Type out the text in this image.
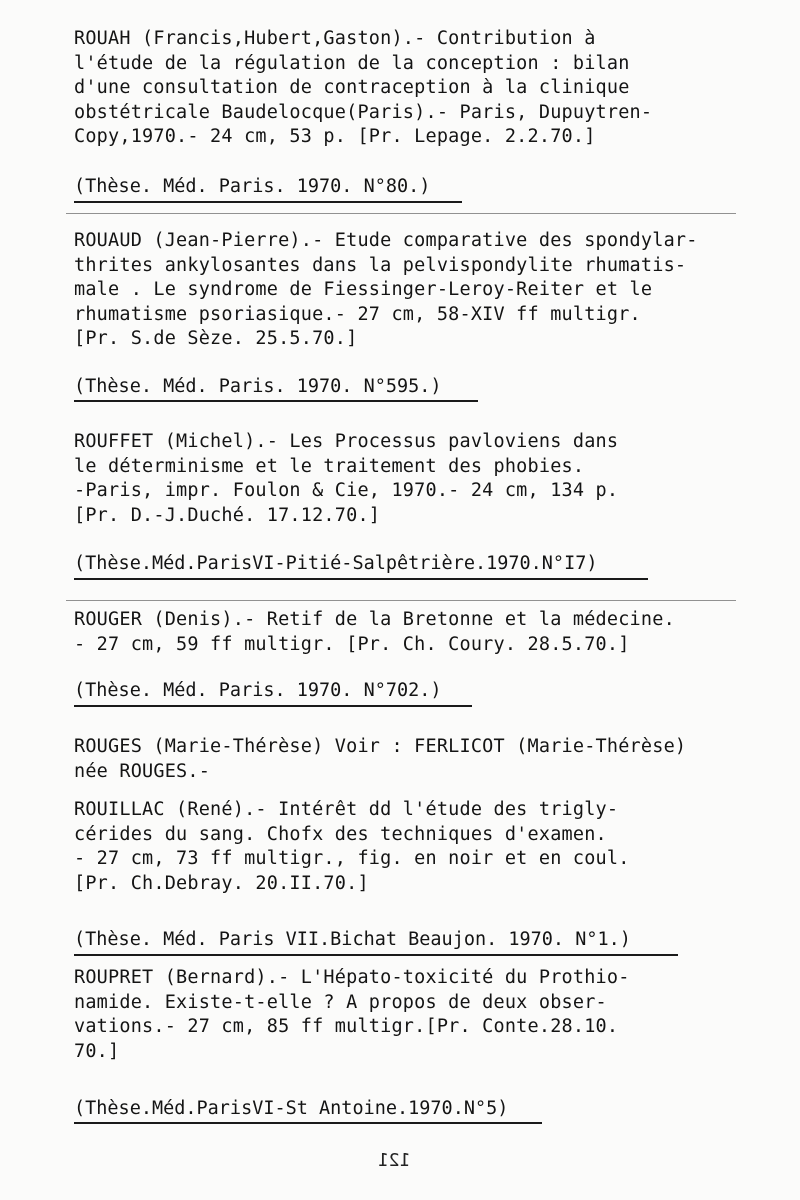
ROUAH (Francis,Hubert,Gaston).- Contribution à
l'étude de la régulation de la conception : bilan
d'une consultation de contraception à la clinique
obstétricale Baudelocque(Paris).- Paris, Dupuytren-
Copy,1970.- 24 cm, 53 p. [Pr. Lepage. 2.2.70.]
(Thèse. Méd. Paris. 1970. N°80.)
ROUAUD (Jean-Pierre).- Etude comparative des spondylar-
thrites ankylosantes dans la pelvispondylite rhumatis-
male . Le syndrome de Fiessinger-Leroy-Reiter et le
rhumatisme psoriasique.- 27 cm, 58-XIV ff multigr.
[Pr. S.de Sèze. 25.5.70.]
(Thèse. Méd. Paris. 1970. N°595.)
ROUFFET (Michel).- Les Processus pavloviens dans
le déterminisme et le traitement des phobies.
-Paris, impr. Foulon & Cie, 1970.- 24 cm, 134 p.
[Pr. D.-J.Duché. 17.12.70.]
(Thèse.Méd.ParisVI-Pitié-Salpêtrière.1970.N°I7)
ROUGER (Denis).- Retif de la Bretonne et la médecine.
- 27 cm, 59 ff multigr. [Pr. Ch. Coury. 28.5.70.]
(Thèse. Méd. Paris. 1970. N°702.)
ROUGES (Marie-Thérèse) Voir : FERLICOT (Marie-Thérèse)
née ROUGES.-
ROUILLAC (René).- Intérêt dd l'étude des trigly-
cérides du sang. Chofx des techniques d'examen.
- 27 cm, 73 ff multigr., fig. en noir et en coul.
[Pr. Ch.Debray. 20.II.70.]
(Thèse. Méd. Paris VII.Bichat Beaujon. 1970. N°1.)
ROUPRET (Bernard).- L'Hépato-toxicité du Prothio-
namide. Existe-t-elle ? A propos de deux obser-
vations.- 27 cm, 85 ff multigr.[Pr. Conte.28.10.
70.]
(Thèse.Méd.ParisVI-St Antoine.1970.N°5)
121
